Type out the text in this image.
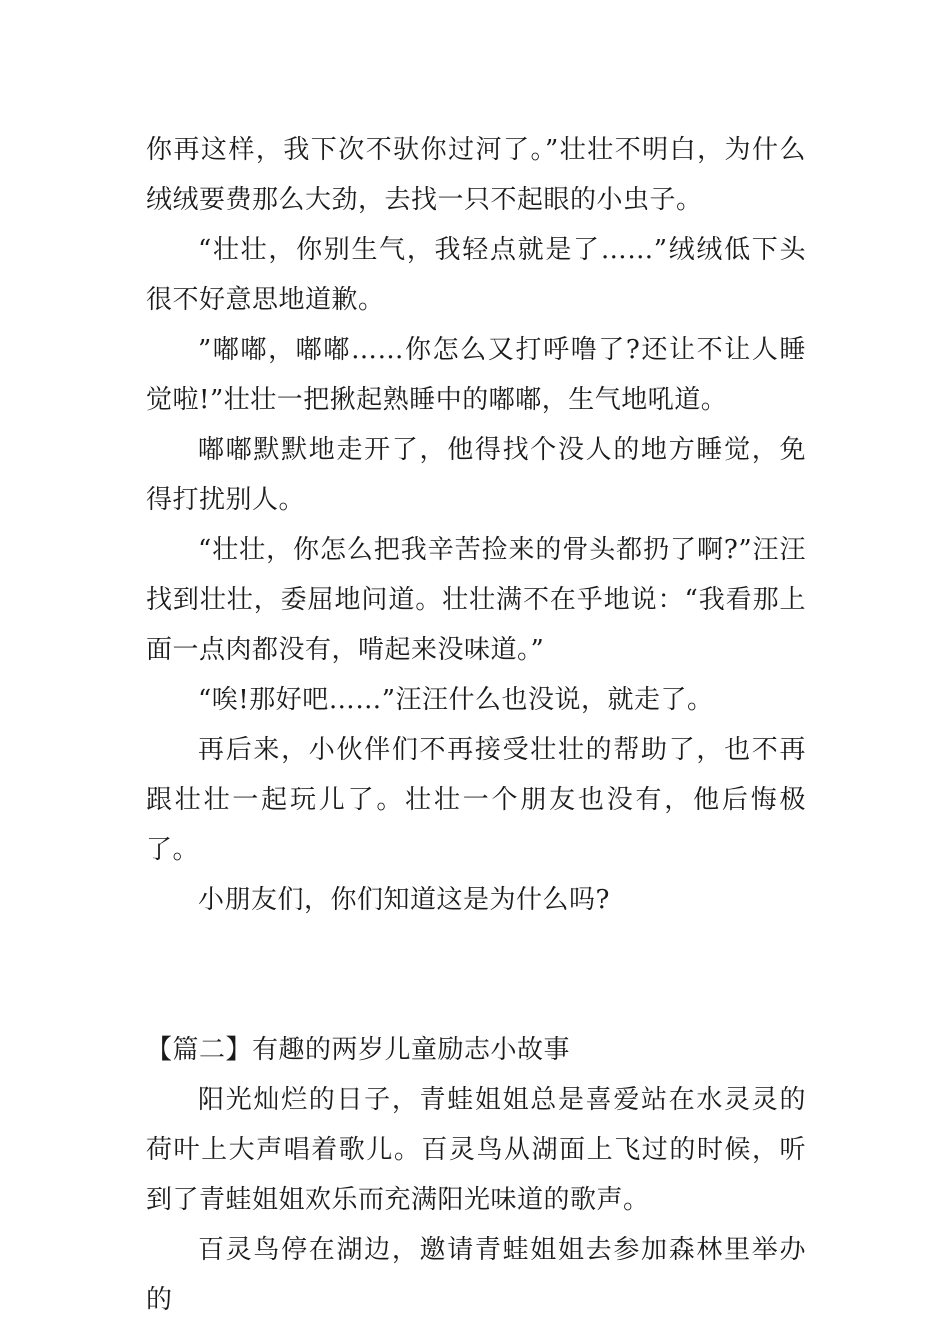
你再这样，我下次不驮你过河了。”壮壮不明白，为什么绒绒要费那么大劲，去找一只不起眼的小虫子。

“壮壮，你别生气，我轻点就是了……”绒绒低下头很不好意思地道歉。

”嘟嘟，嘟嘟……你怎么又打呼噜了?还让不让人睡觉啦!”壮壮一把揪起熟睡中的嘟嘟，生气地吼道。

嘟嘟默默地走开了，他得找个没人的地方睡觉，免得打扰别人。

“壮壮，你怎么把我辛苦捡来的骨头都扔了啊?”汪汪找到壮壮，委屈地问道。壮壮满不在乎地说：“我看那上面一点肉都没有，啃起来没味道。”

“唉!那好吧……”汪汪什么也没说，就走了。

再后来，小伙伴们不再接受壮壮的帮助了，也不再跟壮壮一起玩儿了。壮壮一个朋友也没有，他后悔极了。

小朋友们，你们知道这是为什么吗?

【篇二】有趣的两岁儿童励志小故事

阳光灿烂的日子，青蛙姐姐总是喜爱站在水灵灵的荷叶上大声唱着歌儿。百灵鸟从湖面上飞过的时候，听到了青蛙姐姐欢乐而充满阳光味道的歌声。

百灵鸟停在湖边，邀请青蛙姐姐去参加森林里举办的
